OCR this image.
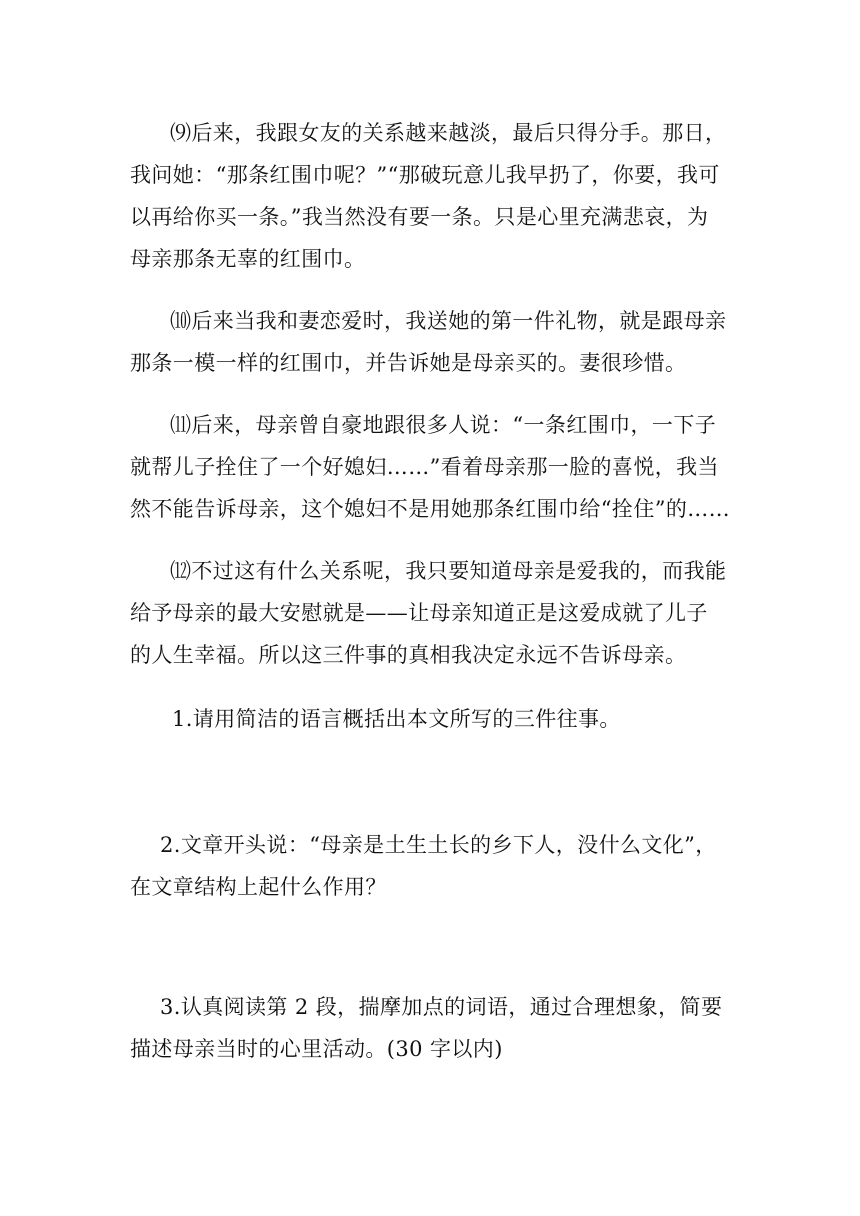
⑼后来，我跟女友的关系越来越淡，最后只得分手。那日，
我问她：“那条红围巾呢？”“那破玩意儿我早扔了，你要，我可
以再给你买一条。”我当然没有要一条。只是心里充满悲哀，为
母亲那条无辜的红围巾。

⑽后来当我和妻恋爱时，我送她的第一件礼物，就是跟母亲
那条一模一样的红围巾，并告诉她是母亲买的。妻很珍惜。

⑾后来，母亲曾自豪地跟很多人说：“一条红围巾，一下子
就帮儿子拴住了一个好媳妇……”看着母亲那一脸的喜悦，我当
然不能告诉母亲，这个媳妇不是用她那条红围巾给“拴住”的……

⑿不过这有什么关系呢，我只要知道母亲是爱我的，而我能
给予母亲的最大安慰就是——让母亲知道正是这爱成就了儿子
的人生幸福。所以这三件事的真相我决定永远不告诉母亲。

1.请用简洁的语言概括出本文所写的三件往事。

2.文章开头说：“母亲是土生土长的乡下人，没什么文化”，
在文章结构上起什么作用？

3.认真阅读第 2 段，揣摩加点的词语，通过合理想象，简要
描述母亲当时的心里活动。(30 字以内)
